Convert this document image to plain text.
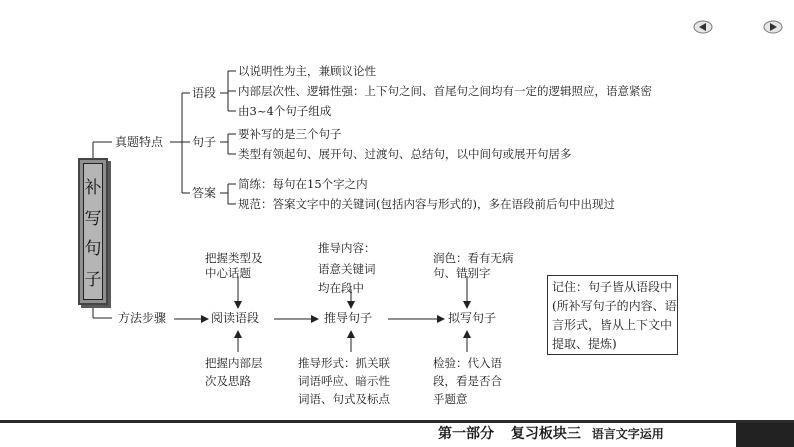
补
写
句
子
真题特点
语段
以说明性为主，兼顾议论性
内部层次性、逻辑性强：上下句之间、首尾句之间均有一定的逻辑照应，语意紧密
由3~4个句子组成
句子
要补写的是三个句子
类型有领起句、展开句、过渡句、总结句，以中间句或展开句居多
答案
简练：每句在15个字之内
规范：答案文字中的关键词(包括内容与形式的)，多在语段前后句中出现过
方法步骤	阅读语段	推导句子	拟写句子
把握类型及
中心话题
推导内容：
语意关键词
均在段中
润色：看有无病
句、错别字
把握内部层
次及思路
推导形式：抓关联
词语呼应、暗示性
词语、句式及标点
检验：代入语
段，看是否合
乎题意
记住：句子皆从语段中
(所补写句子的内容、语
言形式，皆从上下文中
提取、提炼)
第一部分 复习板块三 语言文字运用
